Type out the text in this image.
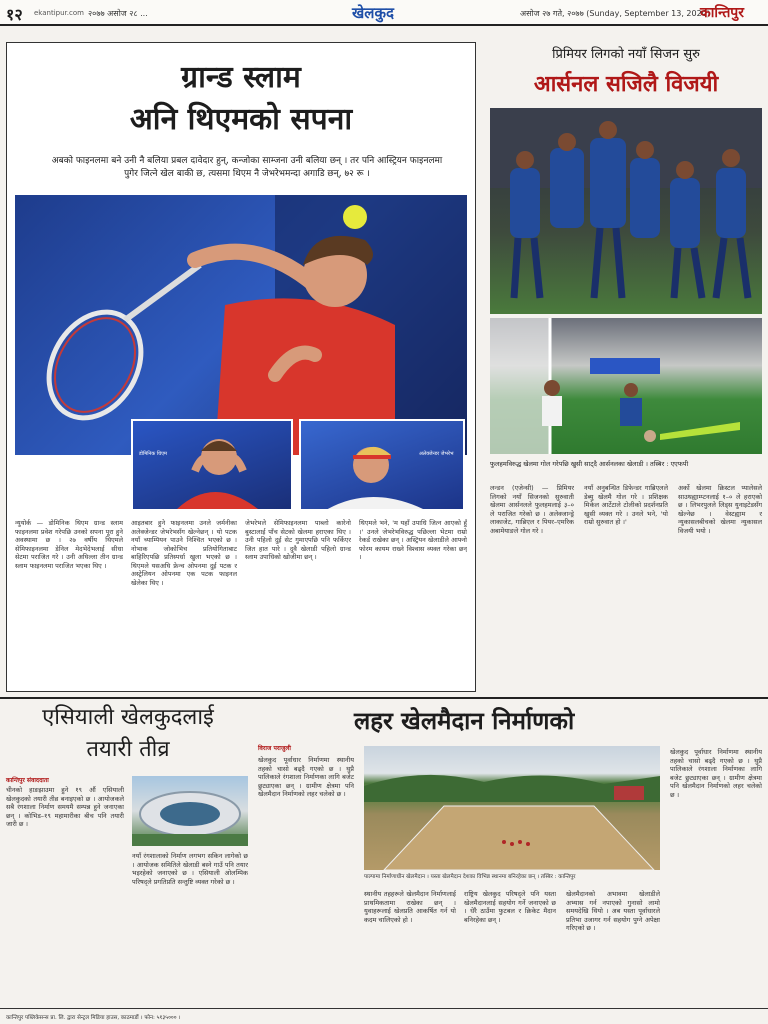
१२ ekantipur.com २०७७ असोज २८ ...	खेलकुद	असोज २७ गते, २०७७ (Sunday, September 13, 2020)
कान्तिपुर
ग्रान्ड स्लाम
अनि थिएमको सपना
अबको फाइनलमा बने उनी नै बलिया प्रबल दावेदार हुन्, कन्जोका साम्जना उनी बलिया छन् । तर पनि आस्ट्रियन फाइनलमा पुगेर जित्ने खेल बाकी छ, त्यसमा थिएम नै जेभरेभमन्दा अगाडि छन्, ७२ रू ।
डोमिनिक थिएम	अलेक्जेन्डर जेभरेभ
न्युयोर्क — डोमिनिक थिएम ग्रान्ड स्लाम फाइनलमा प्रवेश गरेपछि उनको सपना पूरा हुने अवस्थामा छ । २७ वर्षीय थिएमले सेमिफाइनलमा डेनिल मेदभेदेभलाई सीधा सेटमा पराजित गरे । उनी अघिल्ला तीन ग्रान्ड स्लाम फाइनलमा पराजित भएका थिए ।
आइतबार हुने फाइनलमा उनले जर्मनीका अलेक्जेन्डर जेभरेभसँग खेल्नेछन् । यो पटक नयाँ च्याम्पियन पाउने निश्चित भएको छ । नोभाक जोकोभिच प्रतियोगिताबाट बाहिरिएपछि प्रतिस्पर्धा खुला भएको छ । थिएमले यसअघि फ्रेन्च ओपनमा दुई पटक र अस्ट्रेलियन ओपनमा एक पटक फाइनल खेलेका थिए ।
जेभरेभले सेमिफाइनलमा पाब्लो कारेनो बुस्टालाई पाँच सेटको खेलमा हराएका थिए । उनी पहिलो दुई सेट गुमाएपछि पनि फर्किएर जित हात पारे । दुवै खेलाडी पहिलो ग्रान्ड स्लाम उपाधिको खोजीमा छन् ।
थिएमले भने, 'म यहाँ उपाधि जित्न आएको हुँ ।' उनले जेभरेभविरुद्ध पछिल्ला भेटमा राम्रो रेकर्ड राखेका छन् । अस्ट्रियन खेलाडीले आफ्नो फोरम कायम राख्ने विश्वास व्यक्त गरेका छन् ।
प्रिमियर लिगको नयाँ सिजन सुरु
आर्सनल सजिलै विजयी
फुलहमविरुद्ध खेलमा गोल गरेपछि खुसी साट्दै आर्सनलका खेलाडी । तस्बिर : एएफपी
लन्डन (एजेन्सी) — प्रिमियर लिगको नयाँ सिजनको सुरुवाती खेलमा आर्सनलले फुलहमलाई ३–० ले पराजित गरेको छ । अलेक्जान्ड्रे लाकाजेट, गाब्रिएल र पियर–एमरिक अबामेयाङले गोल गरे ।
नयाँ अनुबन्धित डिफेन्डर गाब्रिएलले डेब्यु खेलमै गोल गरे । प्रशिक्षक मिकेल आर्टेटाले टोलीको प्रदर्शनप्रति खुसी व्यक्त गरे । उनले भने, 'यो राम्रो सुरुवात हो ।'
अर्को खेलमा क्रिस्टल प्यालेसले साउथह्याम्प्टनलाई १–० ले हराएको छ । लिभरपुलले लिड्स युनाइटेडसँग खेल्नेछ । वेस्टह्याम र न्युकासलबीचको खेलमा न्युकासल विजयी भयो ।
एसियाली खेलकुदलाई
तयारी तीव्र
कान्तिपुर संवाददाता
चीनको हाङझाउमा हुने १९ औं एसियाली खेलकुदको तयारी तीव्र बनाइएको छ । आयोजकले सबै रंगशाला निर्माण समयमै सम्पन्न हुने जनाएका छन् । कोभिड–१९ महामारीका बीच पनि तयारी जारी छ ।
नयाँ रंगशालाको निर्माण लगभग सकिन लागेको छ । आयोजक समितिले खेलाडी बस्ने गाउँ पनि तयार भइरहेको जनाएको छ । एसियाली ओलम्पिक परिषद्ले प्रगतिप्रति सन्तुष्टि व्यक्त गरेको छ ।
विराज पराजुली
खेलकुद पूर्वाधार निर्माणमा स्थानीय तहको चासो बढ्दै गएको छ । थुप्रै पालिकाले रंगशाला निर्माणका लागि बजेट छुट्याएका छन् । ग्रामीण क्षेत्रमा पनि खेलमैदान निर्माणको लहर चलेको छ ।
लहर खेलमैदान निर्माणको
पाल्पामा निर्माणाधीन खेलमैदान । यस्ता खेलमैदान देशका विभिन्न स्थानमा बनिरहेका छन् । तस्बिर : कान्तिपुर
स्थानीय तहहरूले खेलमैदान निर्माणलाई प्राथमिकतामा राखेका छन् । युवाहरूलाई खेलप्रति आकर्षित गर्न यो कदम चालिएको हो ।
राष्ट्रिय खेलकुद परिषद्ले पनि यस्ता खेलमैदानलाई सहयोग गर्ने जनाएको छ । धेरै ठाउँमा फुटबल र क्रिकेट मैदान बनिरहेका छन् ।
खेलमैदानको अभावमा खेलाडीले अभ्यास गर्न नपाएको गुनासो लामो समयदेखि थियो । अब यस्ता पूर्वाधारले प्रतिभा उजागर गर्न सहयोग पुग्ने अपेक्षा गरिएको छ ।
खेलकुद पूर्वाधार निर्माणमा स्थानीय तहको चासो बढ्दै गएको छ । थुप्रै पालिकाले रंगशाला निर्माणका लागि बजेट छुट्याएका छन् । ग्रामीण क्षेत्रमा पनि खेलमैदान निर्माणको लहर चलेको छ ।
कान्तिपुर पब्लिकेसन्स प्रा. लि. द्वारा सेन्ट्रल मिडिया हाउस, काठमाडौं । फोन: ५१३५००० ।
